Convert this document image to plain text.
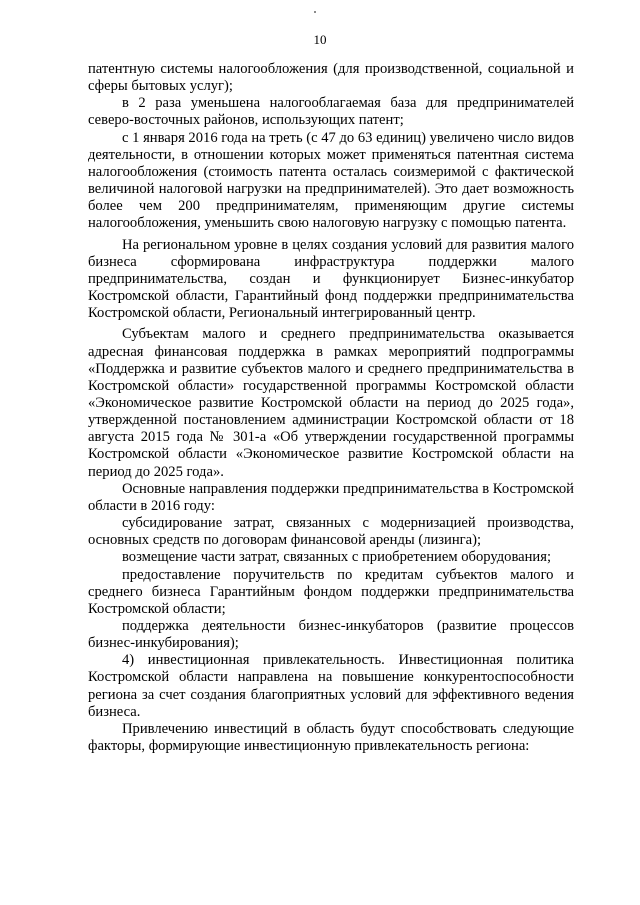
10

патентную системы налогообложения (для производственной, социальной и сферы бытовых услуг);

в 2 раза уменьшена налогооблагаемая база для предпринимателей северо-восточных районов, использующих патент;

с 1 января 2016 года на треть (с 47 до 63 единиц) увеличено число видов деятельности, в отношении которых может применяться патентная система налогообложения (стоимость патента осталась соизмеримой с фактической величиной налоговой нагрузки на предпринимателей). Это дает возможность более чем 200 предпринимателям, применяющим другие системы налогообложения, уменьшить свою налоговую нагрузку с помощью патента.

На региональном уровне в целях создания условий для развития малого бизнеса сформирована инфраструктура поддержки малого предпринимательства, создан и функционирует Бизнес-инкубатор Костромской области, Гарантийный фонд поддержки предпринимательства Костромской области, Региональный интегрированный центр.

Субъектам малого и среднего предпринимательства оказывается адресная финансовая поддержка в рамках мероприятий подпрограммы «Поддержка и развитие субъектов малого и среднего предпринимательства в Костромской области» государственной программы Костромской области «Экономическое развитие Костромской области на период до 2025 года», утвержденной постановлением администрации Костромской области от 18 августа 2015 года № 301-а «Об утверждении государственной программы Костромской области «Экономическое развитие Костромской области на период до 2025 года».

Основные направления поддержки предпринимательства в Костромской области в 2016 году:

субсидирование затрат, связанных с модернизацией производства, основных средств по договорам финансовой аренды (лизинга);

возмещение части затрат, связанных с приобретением оборудования;

предоставление поручительств по кредитам субъектов малого и среднего бизнеса Гарантийным фондом поддержки предпринимательства Костромской области;

поддержка деятельности бизнес-инкубаторов (развитие процессов бизнес-инкубирования);

4) инвестиционная привлекательность. Инвестиционная политика Костромской области направлена на повышение конкурентоспособности региона за счет создания благоприятных условий для эффективного ведения бизнеса.

Привлечению инвестиций в область будут способствовать следующие факторы, формирующие инвестиционную привлекательность региона:
